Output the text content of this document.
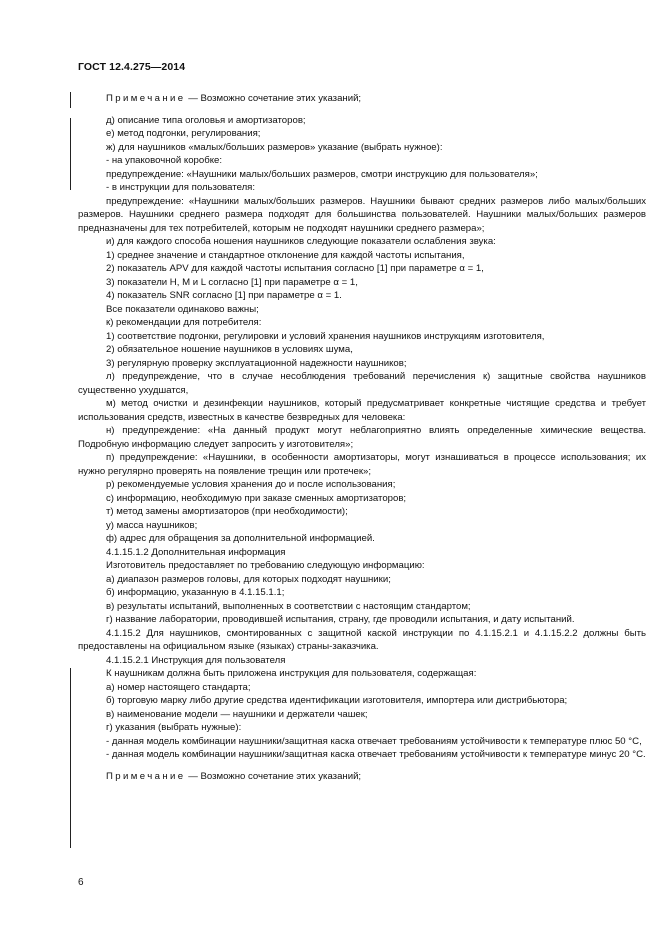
ГОСТ 12.4.275—2014

Примечание — Возможно сочетание этих указаний;

д) описание типа оголовья и амортизаторов;

е) метод подгонки, регулирования;

ж) для наушников «малых/больших размеров» указание (выбрать нужное):

- на упаковочной коробке:

предупреждение: «Наушники малых/больших размеров, смотри инструкцию для пользователя»;

- в инструкции для пользователя:

предупреждение: «Наушники малых/больших размеров. Наушники бывают средних размеров либо малых/больших размеров. Наушники среднего размера подходят для большинства пользователей. Наушники малых/больших размеров предназначены для тех потребителей, которым не подходят наушники среднего размера»;

и) для каждого способа ношения наушников следующие показатели ослабления звука:

1) среднее значение и стандартное отклонение для каждой частоты испытания,

2) показатель APV для каждой частоты испытания согласно [1] при параметре α = 1,

3) показатели H, M и L согласно [1] при параметре α = 1,

4) показатель SNR согласно [1] при параметре α = 1.

Все показатели одинаково важны;

к) рекомендации для потребителя:

1) соответствие подгонки, регулировки и условий хранения наушников инструкциям изготовителя,

2) обязательное ношение наушников в условиях шума,

3) регулярную проверку эксплуатационной надежности наушников;

л) предупреждение, что в случае несоблюдения требований перечисления к) защитные свойства наушников существенно ухудшатся,

м) метод очистки и дезинфекции наушников, который предусматривает конкретные чистящие средства и требует использования средств, известных в качестве безвредных для человека:

н) предупреждение: «На данный продукт могут неблагоприятно влиять определенные химические вещества. Подробную информацию следует запросить у изготовителя»;

п) предупреждение: «Наушники, в особенности амортизаторы, могут изнашиваться в процессе использования; их нужно регулярно проверять на появление трещин или протечек»;

р) рекомендуемые условия хранения до и после использования;

с) информацию, необходимую при заказе сменных амортизаторов;

т) метод замены амортизаторов (при необходимости);

у) масса наушников;

ф) адрес для обращения за дополнительной информацией.

4.1.15.1.2 Дополнительная информация

Изготовитель предоставляет по требованию следующую информацию:

а) диапазон размеров головы, для которых подходят наушники;

б) информацию, указанную в 4.1.15.1.1;

в) результаты испытаний, выполненных в соответствии с настоящим стандартом;

г) название лаборатории, проводившей испытания, страну, где проводили испытания, и дату испытаний.

4.1.15.2 Для наушников, смонтированных с защитной каской инструкции по 4.1.15.2.1 и 4.1.15.2.2 должны быть предоставлены на официальном языке (языках) страны-заказчика.

4.1.15.2.1 Инструкция для пользователя

К наушникам должна быть приложена инструкция для пользователя, содержащая:

а) номер настоящего стандарта;

б) торговую марку либо другие средства идентификации изготовителя, импортера или дистрибьютора;

в) наименование модели — наушники и держатели чашек;

г) указания (выбрать нужные):

- данная модель комбинации наушники/защитная каска отвечает требованиям устойчивости к температуре плюс 50 °С,

- данная модель комбинации наушники/защитная каска отвечает требованиям устойчивости к температуре минус 20 °С.

Примечание — Возможно сочетание этих указаний;

6
